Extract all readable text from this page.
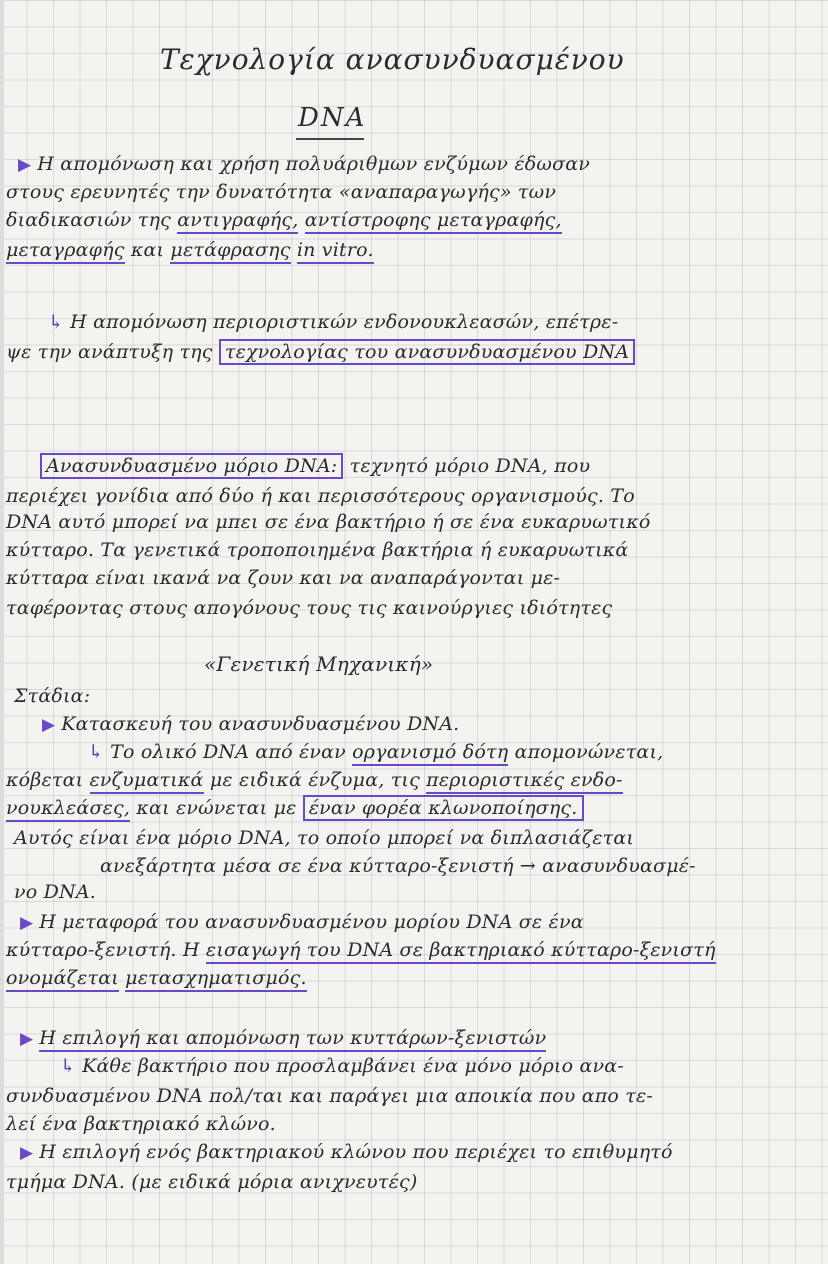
Τεχνολογία ανασυνδυασμένου
DNA
▶ Η απομόνωση και χρήση πολυάριθμων ενζύμων έδωσαν
στους ερευνητές την δυνατότητα «αναπαραγωγής» των
διαδικασιών της αντιγραφής, αντίστροφης μεταγραφής,
μεταγραφής και μετάφρασης in vitro.
↳ Η απομόνωση περιοριστικών ενδονουκλεασών, επέτρε-
ψε την ανάπτυξη της τεχνολογίας του ανασυνδυασμένου DNA
Ανασυνδυασμένο μόριο DNA: τεχνητό μόριο DNA, που
περιέχει γονίδια από δύο ή και περισσότερους οργανισμούς. Το
DNA αυτό μπορεί να μπει σε ένα βακτήριο ή σε ένα ευκαρυωτικό
κύτταρο. Τα γενετικά τροποποιημένα βακτήρια ή ευκαρυωτικά
κύτταρα είναι ικανά να ζουν και να αναπαράγονται με-
ταφέροντας στους απογόνους τους τις καινούργιες ιδιότητες
«Γενετική Μηχανική»
Στάδια:
▶ Κατασκευή του ανασυνδυασμένου DNA.
↳ Το ολικό DNA από έναν οργανισμό δότη απομονώνεται,
κόβεται ενζυματικά με ειδικά ένζυμα, τις περιοριστικές ενδο-
νουκλεάσες, και ενώνεται με έναν φορέα κλωνοποίησης.
Αυτός είναι ένα μόριο DNA, το οποίο μπορεί να διπλασιάζεται
ανεξάρτητα μέσα σε ένα κύτταρο-ξενιστή → ανασυνδυασμέ-
νο DNA.
▶ Η μεταφορά του ανασυνδυασμένου μορίου DNA σε ένα
κύτταρο-ξενιστή. Η εισαγωγή του DNA σε βακτηριακό κύτταρο-ξενιστή
ονομάζεται μετασχηματισμός.
▶ Η επιλογή και απομόνωση των κυττάρων-ξενιστών
↳ Κάθε βακτήριο που προσλαμβάνει ένα μόνο μόριο ανα-
συνδυασμένου DNA πολ/ται και παράγει μια αποικία που απο τε-
λεί ένα βακτηριακό κλώνο.
▶ Η επιλογή ενός βακτηριακού κλώνου που περιέχει το επιθυμητό
τμήμα DNA. (με ειδικά μόρια ανιχνευτές)
